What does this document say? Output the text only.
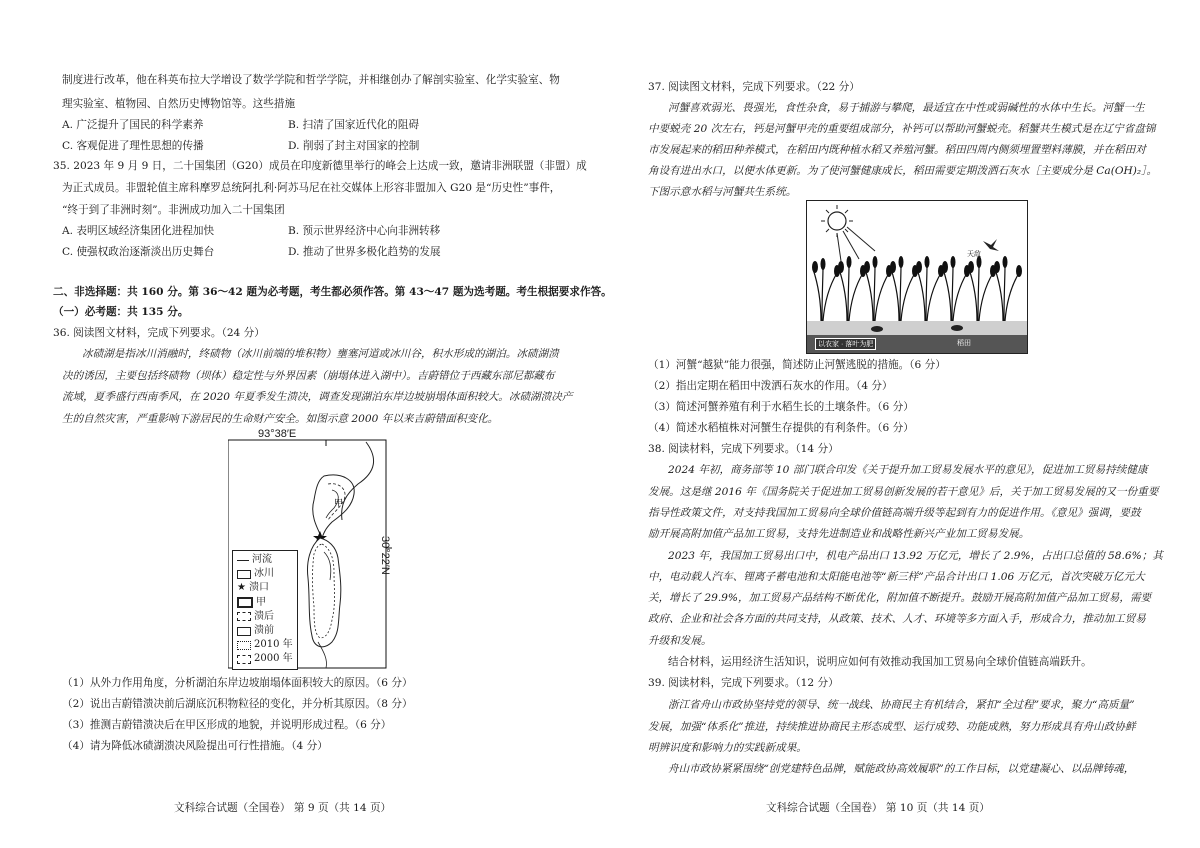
制度进行改革，他在科英布拉大学增设了数学学院和哲学学院，并相继创办了解剖实验室、化学实验室、物
理实验室、植物园、自然历史博物馆等。这些措施
A. 广泛提升了国民的科学素养	B. 扫清了国家近代化的阻碍
C. 客观促进了理性思想的传播	D. 削弱了封主对国家的控制
35. 2023 年 9 月 9 日，二十国集团（G20）成员在印度新德里举行的峰会上达成一致，邀请非洲联盟（非盟）成
为正式成员。非盟轮值主席科摩罗总统阿扎利·阿苏马尼在社交媒体上形容非盟加入 G20 是“历史性”事件，
“终于到了非洲时刻”。非洲成功加入二十国集团
A. 表明区域经济集团化进程加快	B. 预示世界经济中心向非洲转移
C. 使强权政治逐渐淡出历史舞台	D. 推动了世界多极化趋势的发展
二、非选择题：共 160 分。第 36～42 题为必考题，考生都必须作答。第 43～47 题为选考题。考生根据要求作答。
（一）必考题：共 135 分。
36. 阅读图文材料，完成下列要求。（24 分）
冰碛湖是指冰川消融时，终碛物（冰川前端的堆积物）壅塞河道或冰川谷，积水形成的湖泊。冰碛湖溃
决的诱因，主要包括终碛物（坝体）稳定性与外界因素（崩塌体进入湖中）。吉蔚错位于西藏东部尼都藏布
流域，夏季盛行西南季风，在 2020 年夏季发生溃决，调查发现湖泊东岸边坡崩塌体面积较大。冰碛湖溃决产
生的自然灾害，严重影响下游居民的生命财产安全。如图示意 2000 年以来吉蔚错面积变化。
93°38′E
甲
30°22′N
河流
冰川
★ 溃口
甲
溃后
溃前
2010 年
2000 年
（1）从外力作用角度，分析湖泊东岸边坡崩塌体面积较大的原因。（6 分）
（2）说出吉蔚错溃决前后湖底沉积物粒径的变化，并分析其原因。（8 分）
（3）推测吉蔚错溃决后在甲区形成的地貌，并说明形成过程。（6 分）
（4）请为降低冰碛湖溃决风险提出可行性措施。（4 分）
文科综合试题（全国卷） 第 9 页（共 14 页）
37. 阅读图文材料，完成下列要求。（22 分）
河蟹喜欢弱光、畏强光，食性杂食，易于捕游与攀爬，最适宜在中性或弱碱性的水体中生长。河蟹一生
中要蜕壳 20 次左右，钙是河蟹甲壳的重要组成部分，补钙可以帮助河蟹蜕壳。稻蟹共生模式是在辽宁省盘锦
市发展起来的稻田种养模式，在稻田内既种植水稻又养殖河蟹。稻田四周内侧须埋置塑料薄膜，并在稻田对
角设有进出水口，以便水体更新。为了使河蟹健康成长，稻田需要定期泼洒石灰水［主要成分是 Ca(OH)₂］。
下图示意水稻与河蟹共生系统。
天敌
以农家 · 落叶为肥	稻田
（1）河蟹“越狱”能力很强，简述防止河蟹逃脱的措施。（6 分）
（2）指出定期在稻田中泼洒石灰水的作用。（4 分）
（3）简述河蟹养殖有利于水稻生长的土壤条件。（6 分）
（4）简述水稻植株对河蟹生存提供的有利条件。（6 分）
38. 阅读材料，完成下列要求。（14 分）
2024 年初，商务部等 10 部门联合印发《关于提升加工贸易发展水平的意见》，促进加工贸易持续健康
发展。这是继 2016 年《国务院关于促进加工贸易创新发展的若干意见》后，关于加工贸易发展的又一份重要
指导性政策文件，对支持我国加工贸易向全球价值链高端升级等起到有力的促进作用。《意见》强调，要鼓
励开展高附加值产品加工贸易，支持先进制造业和战略性新兴产业加工贸易发展。
2023 年，我国加工贸易出口中，机电产品出口 13.92 万亿元，增长了 2.9%，占出口总值的 58.6%；其
中，电动载人汽车、锂离子蓄电池和太阳能电池等“新三样”产品合计出口 1.06 万亿元，首次突破万亿元大
关，增长了 29.9%，加工贸易产品结构不断优化，附加值不断提升。鼓励开展高附加值产品加工贸易，需要
政府、企业和社会各方面的共同支持，从政策、技术、人才、环境等多方面入手，形成合力，推动加工贸易
升级和发展。
结合材料，运用经济生活知识，说明应如何有效推动我国加工贸易向全球价值链高端跃升。
39. 阅读材料，完成下列要求。（12 分）
浙江省舟山市政协坚持党的领导、统一战线、协商民主有机结合，紧扣“全过程”要求，聚力“高质量”
发展，加强“体系化”推进，持续推进协商民主形态成型、运行成势、功能成熟，努力形成具有舟山政协鲜
明辨识度和影响力的实践新成果。
舟山市政协紧紧围绕“创党建特色品牌，赋能政协高效履职”的工作目标，以党建凝心、以品牌铸魂，
文科综合试题（全国卷） 第 10 页（共 14 页）
